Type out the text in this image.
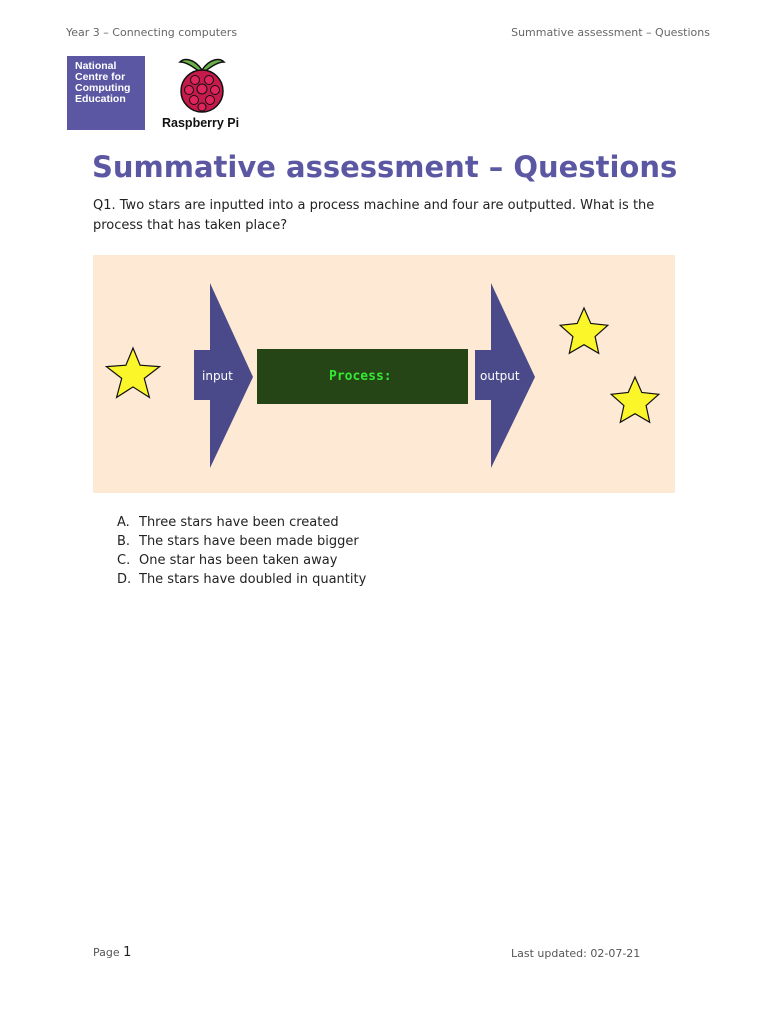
Year 3 – Connecting computers	Summative assessment – Questions
National
Centre for
Computing
Education
Raspberry Pi
Summative assessment – Questions
Q1. Two stars are inputted into a process machine and four are outputted. What is the process that has taken place?
input	Process:	output
A. Three stars have been created
B. The stars have been made bigger
C. One star has been taken away
D. The stars have doubled in quantity
Page 1	Last updated: 02-07-21
